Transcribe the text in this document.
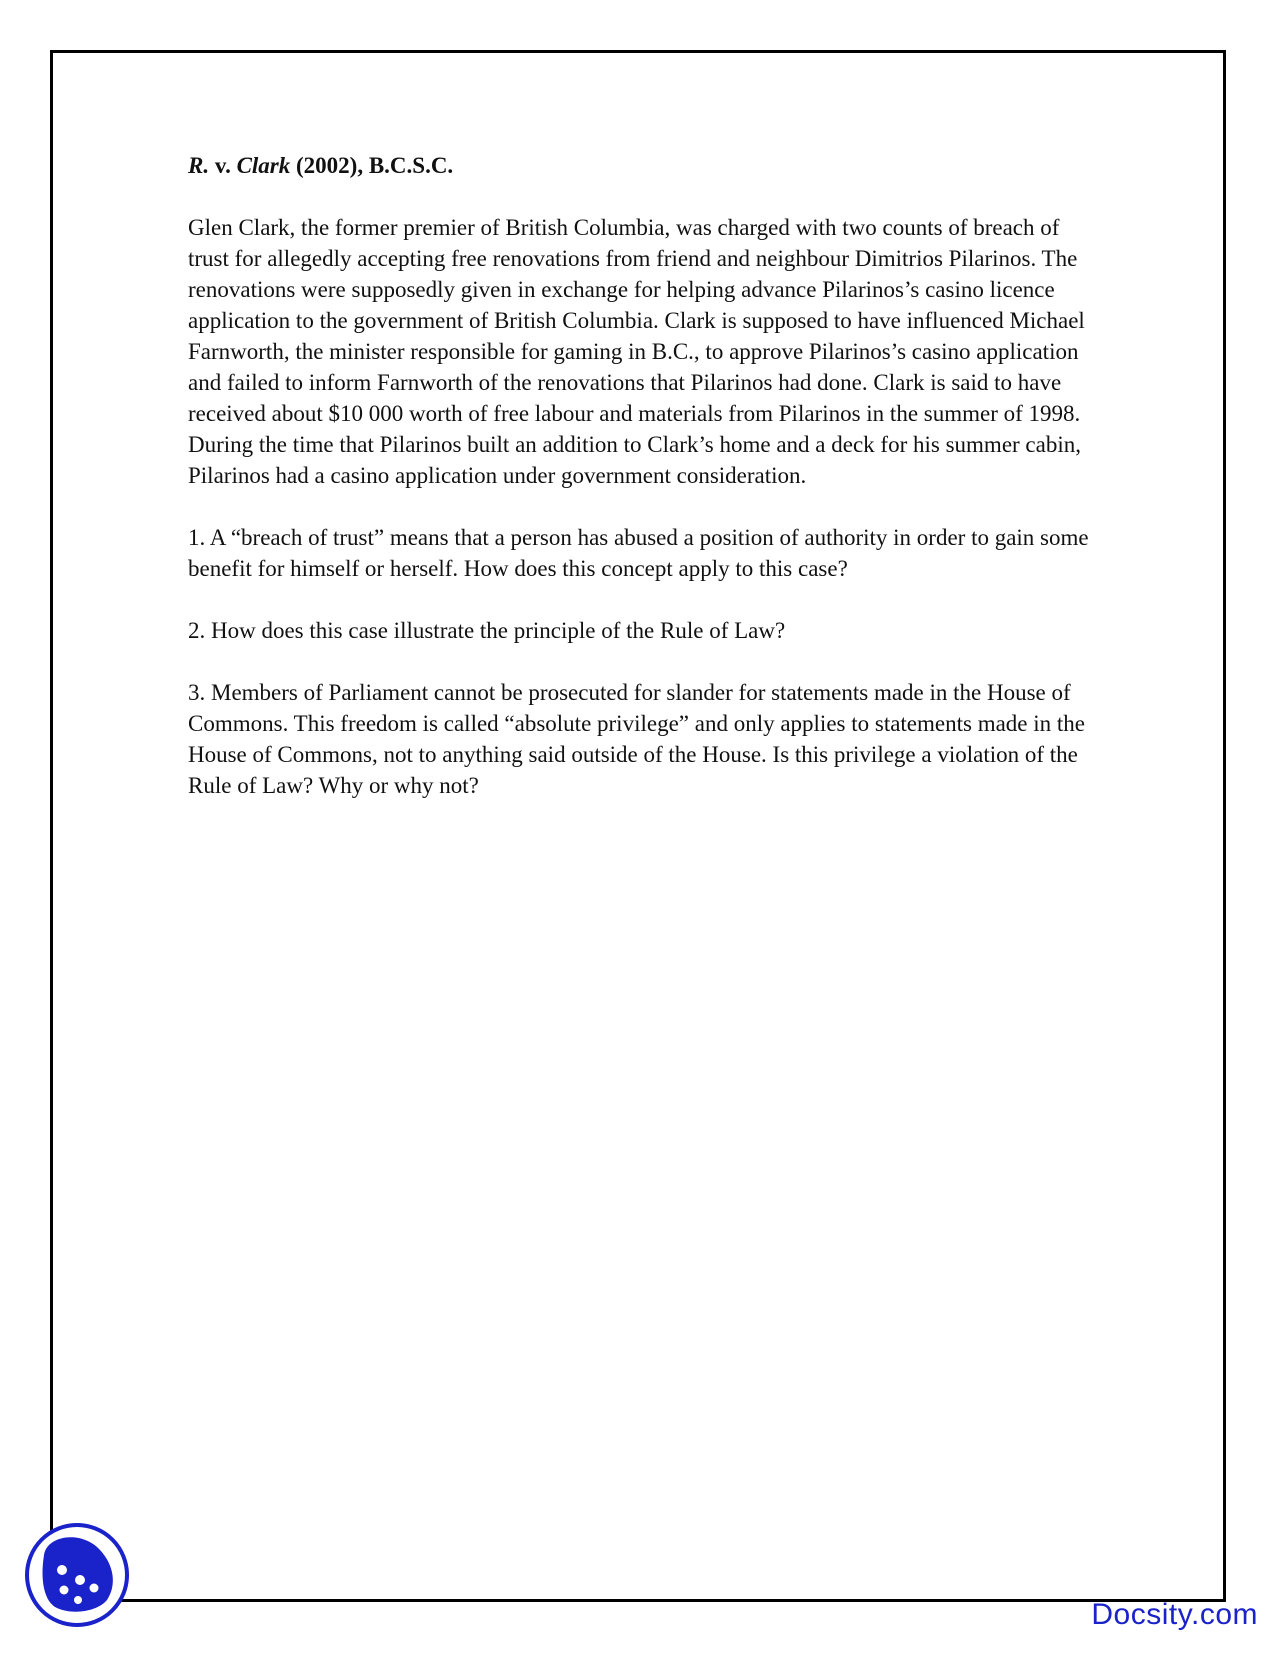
R. v. Clark (2002), B.C.S.C.

Glen Clark, the former premier of British Columbia, was charged with two counts of breach of trust for allegedly accepting free renovations from friend and neighbour Dimitrios Pilarinos. The renovations were supposedly given in exchange for helping advance Pilarinos’s casino licence application to the government of British Columbia. Clark is supposed to have influenced Michael Farnworth, the minister responsible for gaming in B.C., to approve Pilarinos’s casino application and failed to inform Farnworth of the renovations that Pilarinos had done. Clark is said to have received about $10 000 worth of free labour and materials from Pilarinos in the summer of 1998. During the time that Pilarinos built an addition to Clark’s home and a deck for his summer cabin, Pilarinos had a casino application under government consideration.

1. A “breach of trust” means that a person has abused a position of authority in order to gain some benefit for himself or herself. How does this concept apply to this case?

2. How does this case illustrate the principle of the Rule of Law?

3. Members of Parliament cannot be prosecuted for slander for statements made in the House of Commons. This freedom is called “absolute privilege” and only applies to statements made in the House of Commons, not to anything said outside of the House. Is this privilege a violation of the Rule of Law? Why or why not?

Docsity.com
